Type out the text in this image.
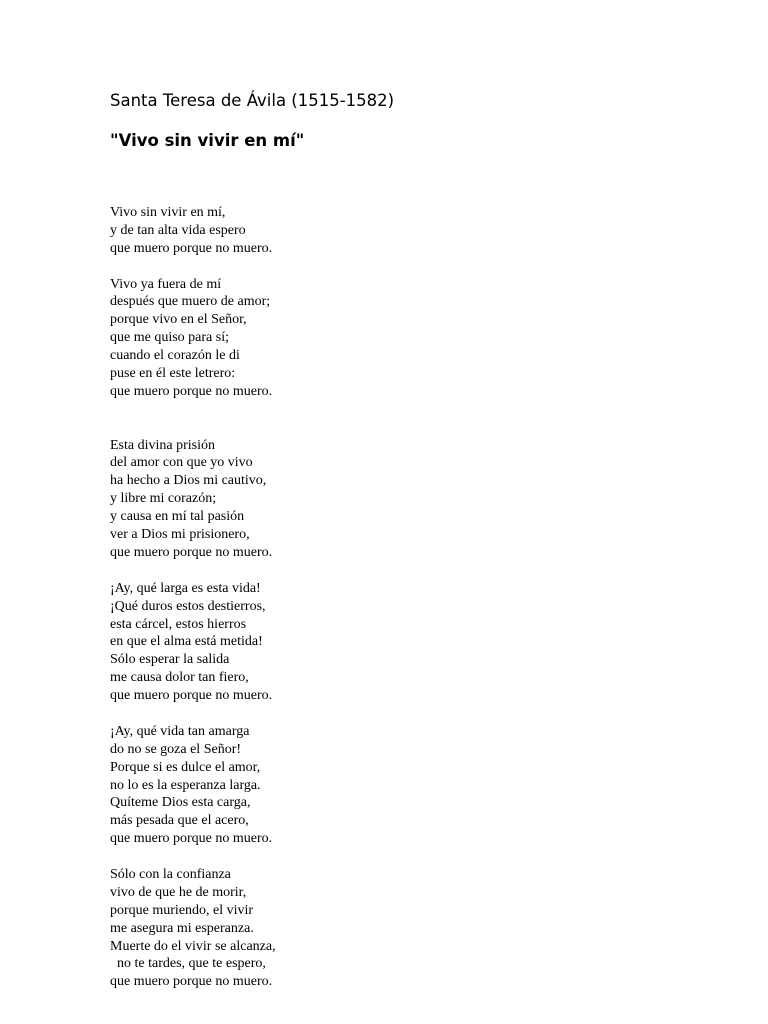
Santa Teresa de Ávila (1515-1582)
"Vivo sin vivir en mí"
Vivo sin vivir en mí,
y de tan alta vida espero
que muero porque no muero.
Vivo ya fuera de mí
después que muero de amor;
porque vivo en el Señor,
que me quiso para sí;
cuando el corazón le di
puse en él este letrero:
que muero porque no muero.
Esta divina prisión
del amor con que yo vivo
ha hecho a Dios mi cautivo,
y libre mi corazón;
y causa en mí tal pasión
ver a Dios mi prisionero,
que muero porque no muero.
¡Ay, qué larga es esta vida!
¡Qué duros estos destierros,
esta cárcel, estos hierros
en que el alma está metida!
Sólo esperar la salida
me causa dolor tan fiero,
que muero porque no muero.
¡Ay, qué vida tan amarga
do no se goza el Señor!
Porque si es dulce el amor,
no lo es la esperanza larga.
Quíteme Dios esta carga,
más pesada que el acero,
que muero porque no muero.
Sólo con la confianza
vivo de que he de morir,
porque muriendo, el vivir
me asegura mi esperanza.
Muerte do el vivir se alcanza,
no te tardes, que te espero,
que muero porque no muero.
